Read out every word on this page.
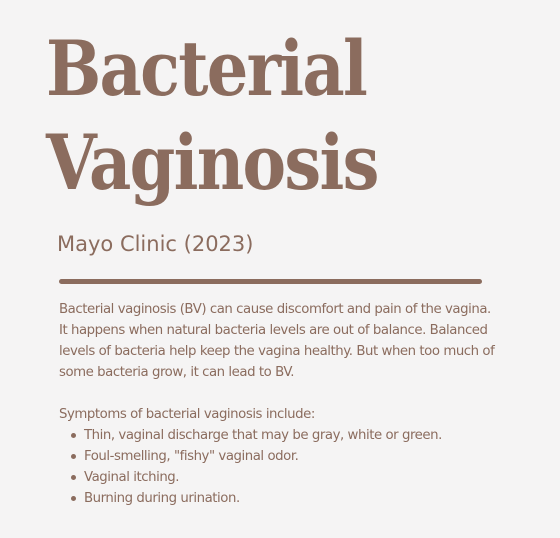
Bacterial
Vaginosis

Mayo Clinic (2023)

Bacterial vaginosis (BV) can cause discomfort and pain of the vagina. It happens when natural bacteria levels are out of balance. Balanced levels of bacteria help keep the vagina healthy. But when too much of some bacteria grow, it can lead to BV.

Symptoms of bacterial vaginosis include:

Thin, vaginal discharge that may be gray, white or green.
Foul-smelling, "fishy" vaginal odor.
Vaginal itching.
Burning during urination.
